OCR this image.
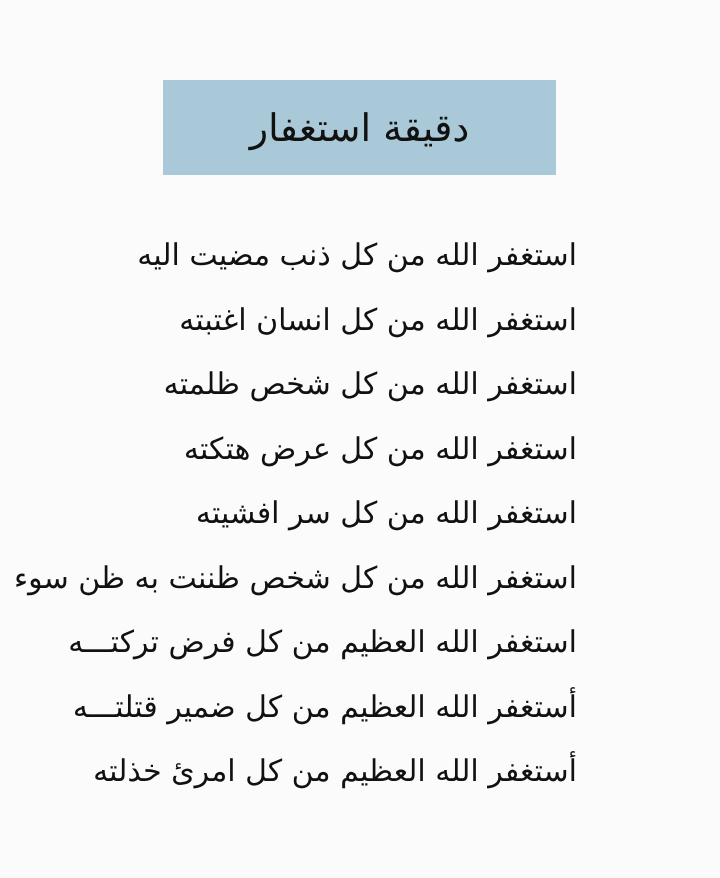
دقيقة استغفار
استغفر الله من كل ذنب مضيت اليه
استغفر الله من كل انسان اغتبته
استغفر الله من كل شخص ظلمته
استغفر الله من كل عرض هتكته
استغفر الله من كل سر افشيته
استغفر الله من كل شخص ظننت به ظن سوء
استغفر الله العظيم من كل فرض تركتـــه
أستغفر الله العظيم من كل ضمير قتلتـــه
أستغفر الله العظيم من كل امرئ خذلته
